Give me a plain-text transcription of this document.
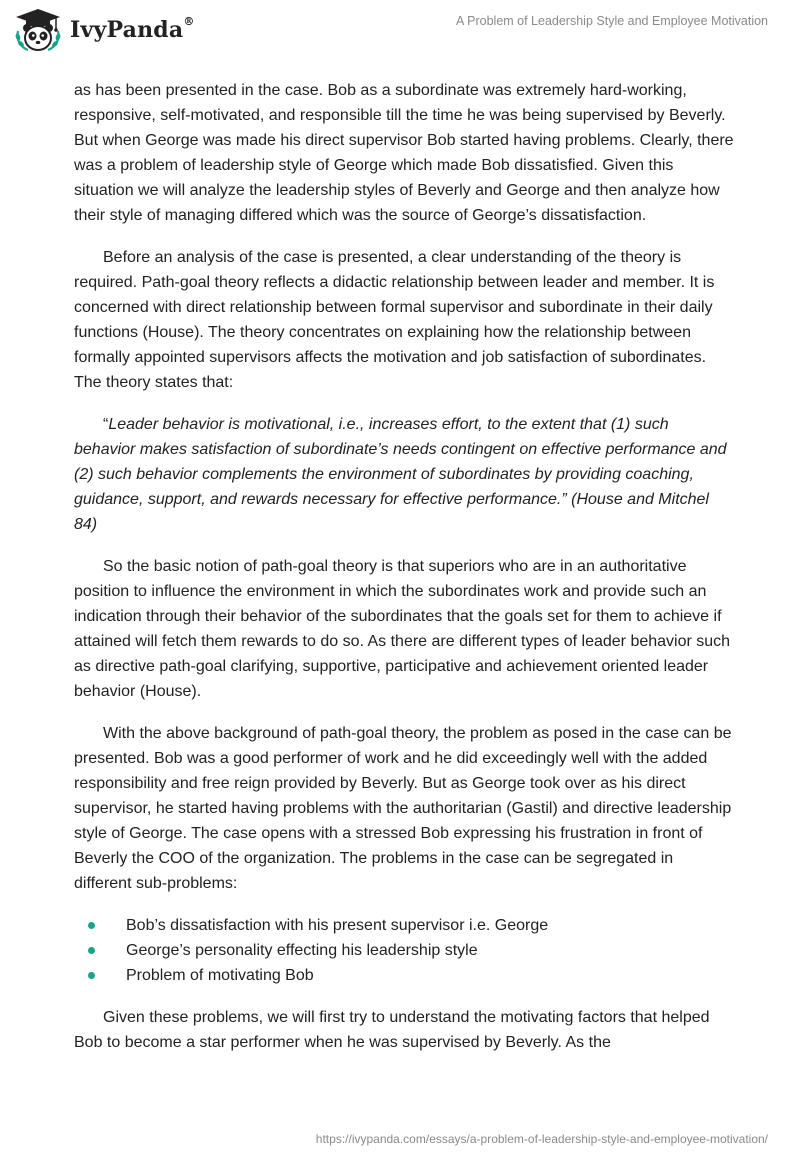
IvyPanda®	A Problem of Leadership Style and Employee Motivation

as has been presented in the case. Bob as a subordinate was extremely hard-working, responsive, self-motivated, and responsible till the time he was being supervised by Beverly. But when George was made his direct supervisor Bob started having problems. Clearly, there was a problem of leadership style of George which made Bob dissatisfied. Given this situation we will analyze the leadership styles of Beverly and George and then analyze how their style of managing differed which was the source of George’s dissatisfaction.

Before an analysis of the case is presented, a clear understanding of the theory is required. Path-goal theory reflects a didactic relationship between leader and member. It is concerned with direct relationship between formal supervisor and subordinate in their daily functions (House). The theory concentrates on explaining how the relationship between formally appointed supervisors affects the motivation and job satisfaction of subordinates. The theory states that:

“Leader behavior is motivational, i.e., increases effort, to the extent that (1) such behavior makes satisfaction of subordinate’s needs contingent on effective performance and (2) such behavior complements the environment of subordinates by providing coaching, guidance, support, and rewards necessary for effective performance.” (House and Mitchel 84)

So the basic notion of path-goal theory is that superiors who are in an authoritative position to influence the environment in which the subordinates work and provide such an indication through their behavior of the subordinates that the goals set for them to achieve if attained will fetch them rewards to do so. As there are different types of leader behavior such as directive path-goal clarifying, supportive, participative and achievement oriented leader behavior (House).

With the above background of path-goal theory, the problem as posed in the case can be presented. Bob was a good performer of work and he did exceedingly well with the added responsibility and free reign provided by Beverly. But as George took over as his direct supervisor, he started having problems with the authoritarian (Gastil) and directive leadership style of George. The case opens with a stressed Bob expressing his frustration in front of Beverly the COO of the organization. The problems in the case can be segregated in different sub-problems:

Bob’s dissatisfaction with his present supervisor i.e. George
George’s personality effecting his leadership style
Problem of motivating Bob

Given these problems, we will first try to understand the motivating factors that helped Bob to become a star performer when he was supervised by Beverly. As the

https://ivypanda.com/essays/a-problem-of-leadership-style-and-employee-motivation/
